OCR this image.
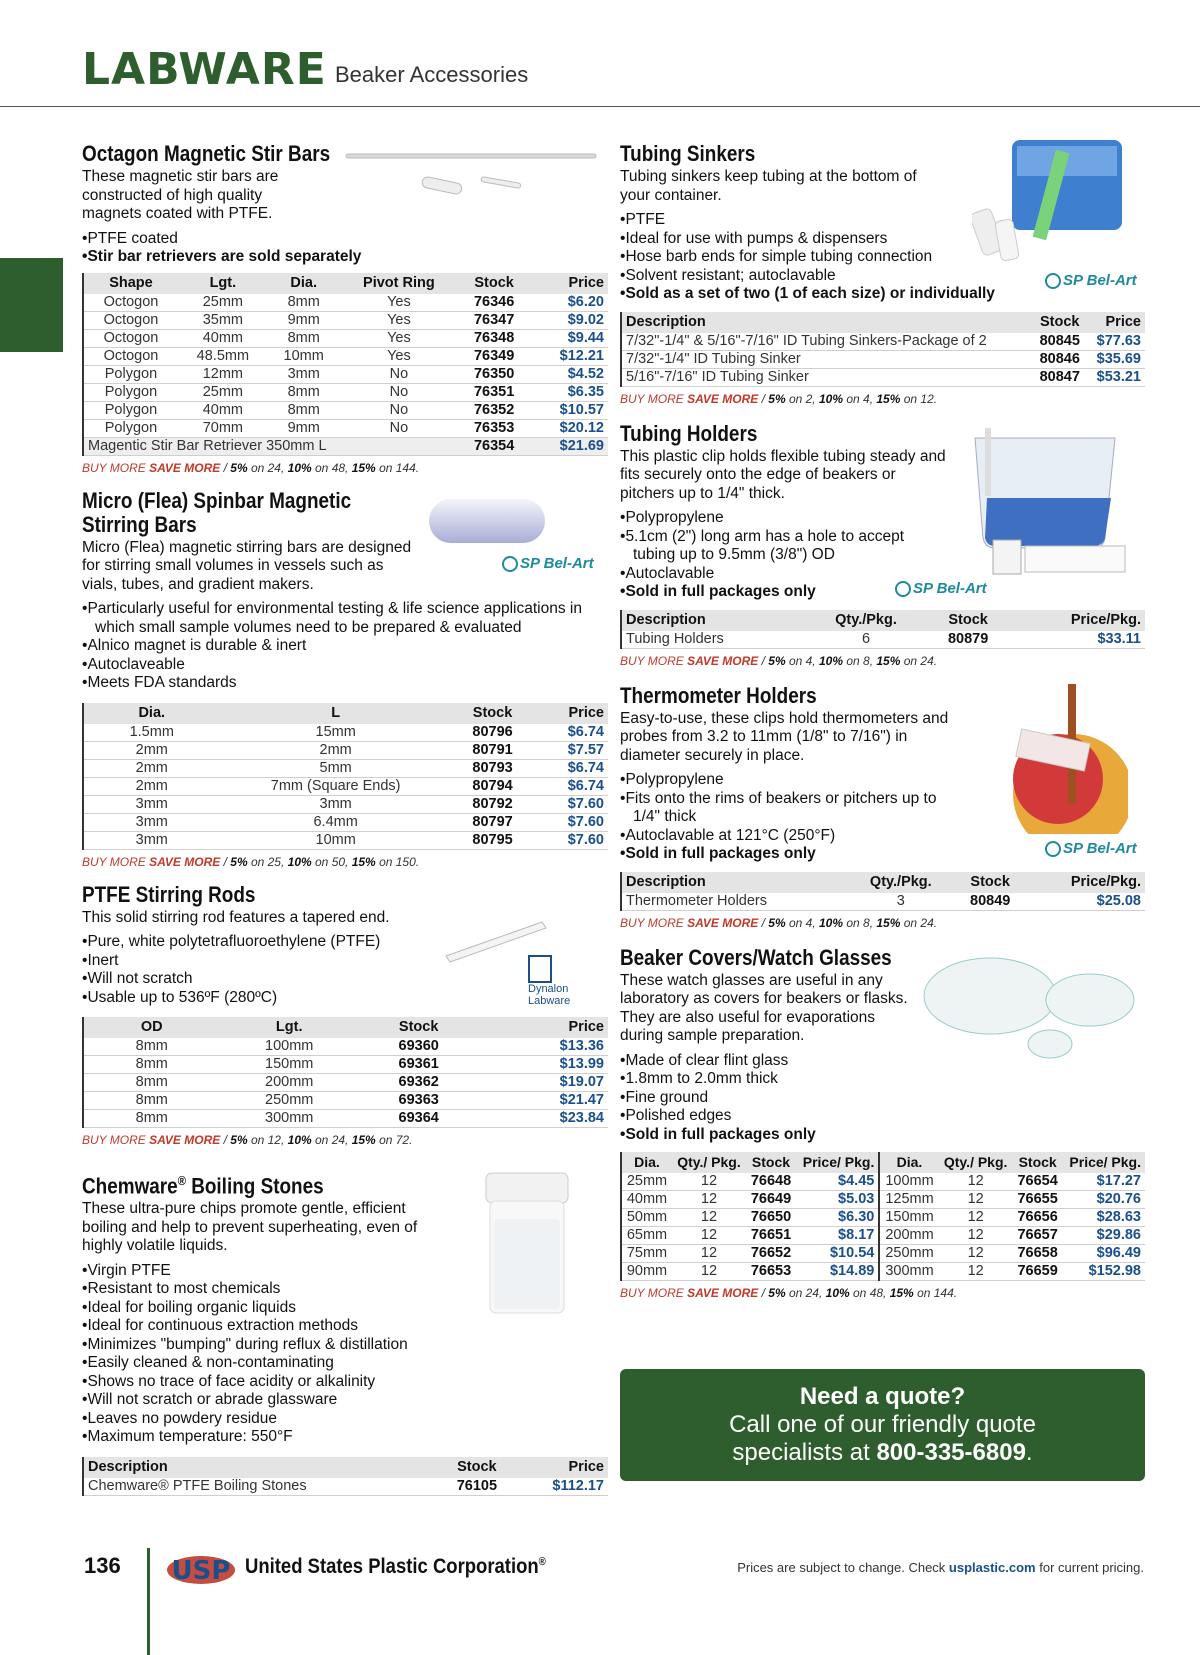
LABWARE Beaker Accessories
Octagon Magnetic Stir Bars
These magnetic stir bars are constructed of high quality magnets coated with PTFE.
• PTFE coated
• Stir bar retrievers are sold separately
Shape	Lgt.	Dia.	Pivot Ring	Stock	Price
Octogon	25mm	8mm	Yes	76346	$6.20
Octogon	35mm	9mm	Yes	76347	$9.02
Octogon	40mm	8mm	Yes	76348	$9.44
Octogon	48.5mm	10mm	Yes	76349	$12.21
Polygon	12mm	3mm	No	76350	$4.52
Polygon	25mm	8mm	No	76351	$6.35
Polygon	40mm	8mm	No	76352	$10.57
Polygon	70mm	9mm	No	76353	$20.12
Magentic Stir Bar Retriever 350mm L				76354	$21.69
BUY MORE SAVE MORE / 5% on 24, 10% on 48, 15% on 144.
Micro (Flea) Spinbar Magnetic
Stirring Bars
SP Bel-Art
Micro (Flea) magnetic stirring bars are designed for stirring small volumes in vessels such as vials, tubes, and gradient makers.
• Particularly useful for environmental testing & life science applications in which small sample volumes need to be prepared & evaluated
• Alnico magnet is durable & inert
• Autoclaveable
• Meets FDA standards
Dia.	L	Stock	Price
1.5mm	15mm	80796	$6.74
2mm	2mm	80791	$7.57
2mm	5mm	80793	$6.74
2mm	7mm (Square Ends)	80794	$6.74
3mm	3mm	80792	$7.60
3mm	6.4mm	80797	$7.60
3mm	10mm	80795	$7.60
BUY MORE SAVE MORE / 5% on 25, 10% on 50, 15% on 150.
PTFE Stirring Rods
Dynalon
Labware
This solid stirring rod features a tapered end.
• Pure, white polytetrafluoroethylene (PTFE)
• Inert
• Will not scratch
• Usable up to 536ºF (280ºC)
OD	Lgt.	Stock	Price
8mm	100mm	69360	$13.36
8mm	150mm	69361	$13.99
8mm	200mm	69362	$19.07
8mm	250mm	69363	$21.47
8mm	300mm	69364	$23.84
BUY MORE SAVE MORE / 5% on 12, 10% on 24, 15% on 72.
Chemware® Boiling Stones
These ultra-pure chips promote gentle, efficient boiling and help to prevent superheating, even of highly volatile liquids.
• Virgin PTFE
• Resistant to most chemicals
• Ideal for boiling organic liquids
• Ideal for continuous extraction methods
• Minimizes "bumping" during reflux & distillation
• Easily cleaned & non-contaminating
• Shows no trace of face acidity or alkalinity
• Will not scratch or abrade glassware
• Leaves no powdery residue
• Maximum temperature: 550°F
Description	Stock	Price
Chemware® PTFE Boiling Stones	76105	$112.17
Tubing Sinkers
Tubing sinkers keep tubing at the bottom of your container.
• PTFE
• Ideal for use with pumps & dispensers
• Hose barb ends for simple tubing connection
• Solvent resistant; autoclavable
• Sold as a set of two (1 of each size) or individually
SP Bel-Art
Description	Stock	Price
7/32"-1/4" & 5/16"-7/16" ID Tubing Sinkers-Package of 2	80845	$77.63
7/32"-1/4" ID Tubing Sinker	80846	$35.69
5/16"-7/16" ID Tubing Sinker	80847	$53.21
BUY MORE SAVE MORE / 5% on 2, 10% on 4, 15% on 12.
Tubing Holders
This plastic clip holds flexible tubing steady and fits securely onto the edge of beakers or pitchers up to 1/4" thick.
• Polypropylene
• 5.1cm (2") long arm has a hole to accept tubing up to 9.5mm (3/8") OD
• Autoclavable
• Sold in full packages only	SP Bel-Art
Description	Qty./Pkg.	Stock	Price/Pkg.
Tubing Holders	6	80879	$33.11
BUY MORE SAVE MORE / 5% on 4, 10% on 8, 15% on 24.
Thermometer Holders
Easy-to-use, these clips hold thermometers and probes from 3.2 to 11mm (1/8" to 7/16") in diameter securely in place.
• Polypropylene
• Fits onto the rims of beakers or pitchers up to 1/4" thick
• Autoclavable at 121°C (250°F)
• Sold in full packages only	SP Bel-Art
Description	Qty./Pkg.	Stock	Price/Pkg.
Thermometer Holders	3	80849	$25.08
BUY MORE SAVE MORE / 5% on 4, 10% on 8, 15% on 24.
Beaker Covers/Watch Glasses
These watch glasses are useful in any laboratory as covers for beakers or flasks. They are also useful for evaporations during sample preparation.
• Made of clear flint glass
• 1.8mm to 2.0mm thick
• Fine ground
• Polished edges
• Sold in full packages only
Dia.	Qty./ Pkg.	Stock	Price/ Pkg.	Dia.	Qty./ Pkg.	Stock	Price/ Pkg.
25mm	12	76648	$4.45	100mm	12	76654	$17.27
40mm	12	76649	$5.03	125mm	12	76655	$20.76
50mm	12	76650	$6.30	150mm	12	76656	$28.63
65mm	12	76651	$8.17	200mm	12	76657	$29.86
75mm	12	76652	$10.54	250mm	12	76658	$96.49
90mm	12	76653	$14.89	300mm	12	76659	$152.98
BUY MORE SAVE MORE / 5% on 24, 10% on 48, 15% on 144.
Need a quote?
Call one of our friendly quote
specialists at 800-335-6809.
136 USP United States Plastic Corporation®	Prices are subject to change. Check usplastic.com for current pricing.
